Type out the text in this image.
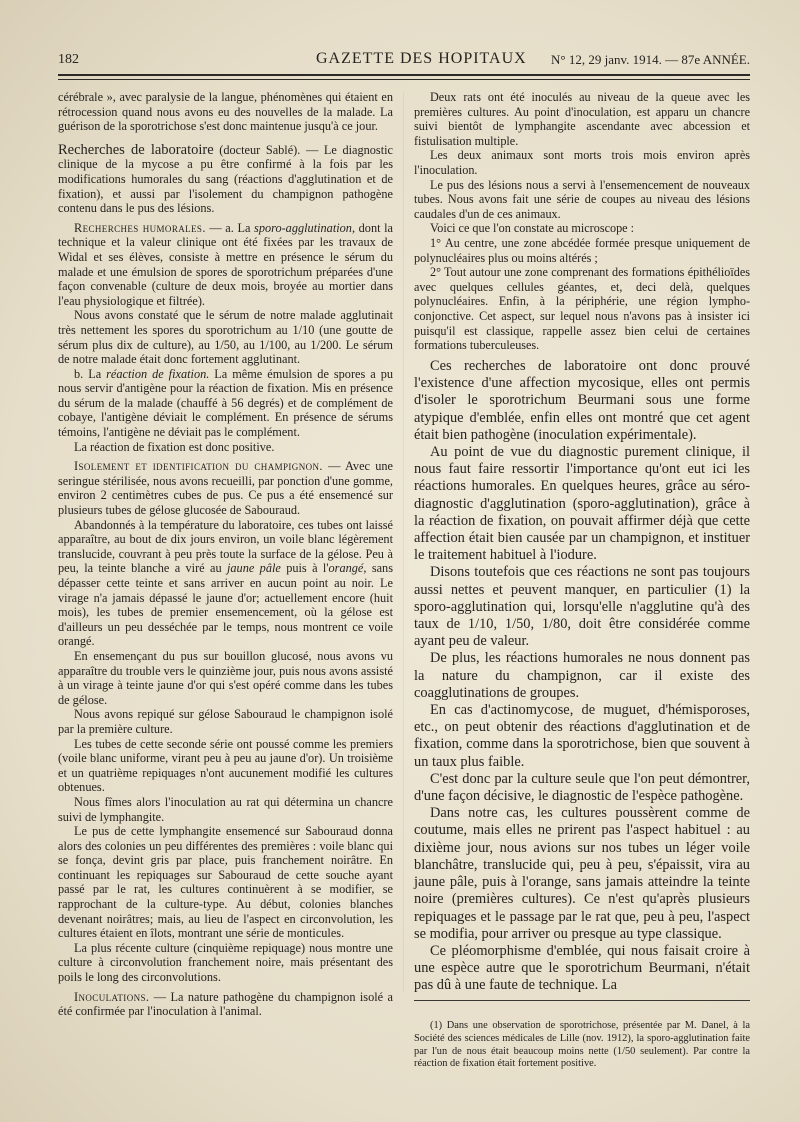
182	GAZETTE DES HOPITAUX N° 12, 29 janv. 1914. — 87e ANNÉE.

cérébrale », avec paralysie de la langue, phénomènes qui étaient en rétrocession quand nous avons eu des nouvelles de la malade. La guérison de la sporotrichose s'est donc maintenue jusqu'à ce jour.

Recherches de laboratoire (docteur Sablé). — Le diagnostic clinique de la mycose a pu être confirmé à la fois par les modifications humorales du sang (réactions d'agglutination et de fixation), et aussi par l'isolement du champignon pathogène contenu dans le pus des lésions.

Recherches humorales. — a. La sporo-agglutination, dont la technique et la valeur clinique ont été fixées par les travaux de Widal et ses élèves, consiste à mettre en présence le sérum du malade et une émulsion de spores de sporotrichum préparées d'une façon convenable (culture de deux mois, broyée au mortier dans l'eau physiologique et filtrée).

Nous avons constaté que le sérum de notre malade agglutinait très nettement les spores du sporotrichum au 1/10 (une goutte de sérum plus dix de culture), au 1/50, au 1/100, au 1/200. Le sérum de notre malade était donc fortement agglutinant.

b. La réaction de fixation. La même émulsion de spores a pu nous servir d'antigène pour la réaction de fixation. Mis en présence du sérum de la malade (chauffé à 56 degrés) et de complément de cobaye, l'antigène déviait le complément. En présence de sérums témoins, l'antigène ne déviait pas le complément.

La réaction de fixation est donc positive.

Isolement et identification du champignon. — Avec une seringue stérilisée, nous avons recueilli, par ponction d'une gomme, environ 2 centimètres cubes de pus. Ce pus a été ensemencé sur plusieurs tubes de gélose glucosée de Sabouraud.

Abandonnés à la température du laboratoire, ces tubes ont laissé apparaître, au bout de dix jours environ, un voile blanc légèrement translucide, couvrant à peu près toute la surface de la gélose. Peu à peu, la teinte blanche a viré au jaune pâle puis à l'orangé, sans dépasser cette teinte et sans arriver en aucun point au noir. Le virage n'a jamais dépassé le jaune d'or; actuellement encore (huit mois), les tubes de premier ensemencement, où la gélose est d'ailleurs un peu desséchée par le temps, nous montrent ce voile orangé.

En ensemençant du pus sur bouillon glucosé, nous avons vu apparaître du trouble vers le quinzième jour, puis nous avons assisté à un virage à teinte jaune d'or qui s'est opéré comme dans les tubes de gélose.

Nous avons repiqué sur gélose Sabouraud le champignon isolé par la première culture.

Les tubes de cette seconde série ont poussé comme les premiers (voile blanc uniforme, virant peu à peu au jaune d'or). Un troisième et un quatrième repiquages n'ont aucunement modifié les cultures obtenues.

Nous fîmes alors l'inoculation au rat qui détermina un chancre suivi de lymphangite.

Le pus de cette lymphangite ensemencé sur Sabouraud donna alors des colonies un peu différentes des premières : voile blanc qui se fonça, devint gris par place, puis franchement noirâtre. En continuant les repiquages sur Sabouraud de cette souche ayant passé par le rat, les cultures continuèrent à se modifier, se rapprochant de la culture-type. Au début, colonies blanches devenant noirâtres; mais, au lieu de l'aspect en circonvolution, les cultures étaient en îlots, montrant une série de monticules.

La plus récente culture (cinquième repiquage) nous montre une culture à circonvolution franchement noire, mais présentant des poils le long des circonvolutions.

Inoculations. — La nature pathogène du champignon isolé a été confirmée par l'inoculation à l'animal.

Deux rats ont été inoculés au niveau de la queue avec les premières cultures. Au point d'inoculation, est apparu un chancre suivi bientôt de lymphangite ascendante avec abcession et fistulisation multiple.

Les deux animaux sont morts trois mois environ après l'inoculation.

Le pus des lésions nous a servi à l'ensemencement de nouveaux tubes. Nous avons fait une série de coupes au niveau des lésions caudales d'un de ces animaux.

Voici ce que l'on constate au microscope :

1° Au centre, une zone abcédée formée presque uniquement de polynucléaires plus ou moins altérés ;

2° Tout autour une zone comprenant des formations épithélioïdes avec quelques cellules géantes, et, deci delà, quelques polynucléaires. Enfin, à la périphérie, une région lympho-conjonctive. Cet aspect, sur lequel nous n'avons pas à insister ici puisqu'il est classique, rappelle assez bien celui de certaines formations tuberculeuses.

Ces recherches de laboratoire ont donc prouvé l'existence d'une affection mycosique, elles ont permis d'isoler le sporotrichum Beurmani sous une forme atypique d'emblée, enfin elles ont montré que cet agent était bien pathogène (inoculation expérimentale).

Au point de vue du diagnostic purement clinique, il nous faut faire ressortir l'importance qu'ont eut ici les réactions humorales. En quelques heures, grâce au séro-diagnostic d'agglutination (sporo-agglutination), grâce à la réaction de fixation, on pouvait affirmer déjà que cette affection était bien causée par un champignon, et instituer le traitement habituel à l'iodure.

Disons toutefois que ces réactions ne sont pas toujours aussi nettes et peuvent manquer, en particulier (1) la sporo-agglutination qui, lorsqu'elle n'agglutine qu'à des taux de 1/10, 1/50, 1/80, doit être considérée comme ayant peu de valeur.

De plus, les réactions humorales ne nous donnent pas la nature du champignon, car il existe des coagglutinations de groupes.

En cas d'actinomycose, de muguet, d'hémisporoses, etc., on peut obtenir des réactions d'agglutination et de fixation, comme dans la sporotrichose, bien que souvent à un taux plus faible.

C'est donc par la culture seule que l'on peut démontrer, d'une façon décisive, le diagnostic de l'espèce pathogène.

Dans notre cas, les cultures poussèrent comme de coutume, mais elles ne prirent pas l'aspect habituel : au dixième jour, nous avions sur nos tubes un léger voile blanchâtre, translucide qui, peu à peu, s'épaissit, vira au jaune pâle, puis à l'orange, sans jamais atteindre la teinte noire (premières cultures). Ce n'est qu'après plusieurs repiquages et le passage par le rat que, peu à peu, l'aspect se modifia, pour arriver ou presque au type classique.

Ce pléomorphisme d'emblée, qui nous faisait croire à une espèce autre que le sporotrichum Beurmani, n'était pas dû à une faute de technique. La

(1) Dans une observation de sporotrichose, présentée par M. Danel, à la Société des sciences médicales de Lille (nov. 1912), la sporo-agglutination faite par l'un de nous était beaucoup moins nette (1/50 seulement). Par contre la réaction de fixation était fortement positive.
